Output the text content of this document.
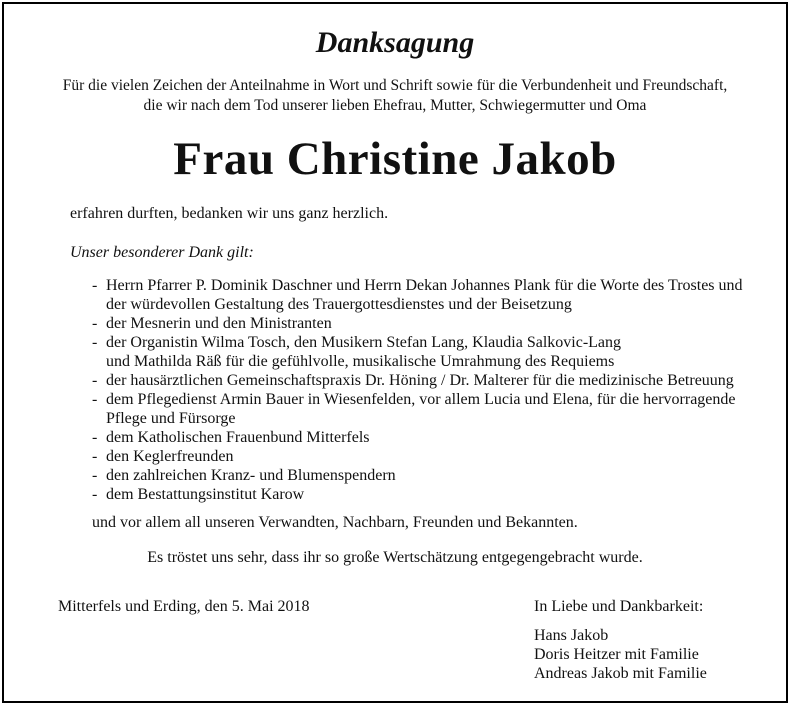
Danksagung
Für die vielen Zeichen der Anteilnahme in Wort und Schrift sowie für die Verbundenheit und Freundschaft,
die wir nach dem Tod unserer lieben Ehefrau, Mutter, Schwiegermutter und Oma
Frau Christine Jakob
erfahren durften, bedanken wir uns ganz herzlich.
Unser besonderer Dank gilt:
- Herrn Pfarrer P. Dominik Daschner und Herrn Dekan Johannes Plank für die Worte des Trostes und
der würdevollen Gestaltung des Trauergottesdienstes und der Beisetzung
- der Mesnerin und den Ministranten
- der Organistin Wilma Tosch, den Musikern Stefan Lang, Klaudia Salkovic-Lang
und Mathilda Räß für die gefühlvolle, musikalische Umrahmung des Requiems
- der hausärztlichen Gemeinschaftspraxis Dr. Höning / Dr. Malterer für die medizinische Betreuung
- dem Pflegedienst Armin Bauer in Wiesenfelden, vor allem Lucia und Elena, für die hervorragende
Pflege und Fürsorge
- dem Katholischen Frauenbund Mitterfels
- den Keglerfreunden
- den zahlreichen Kranz- und Blumenspendern
- dem Bestattungsinstitut Karow
und vor allem all unseren Verwandten, Nachbarn, Freunden und Bekannten.
Es tröstet uns sehr, dass ihr so große Wertschätzung entgegengebracht wurde.
Mitterfels und Erding, den 5. Mai 2018	In Liebe und Dankbarkeit:
Hans Jakob
Doris Heitzer mit Familie
Andreas Jakob mit Familie
